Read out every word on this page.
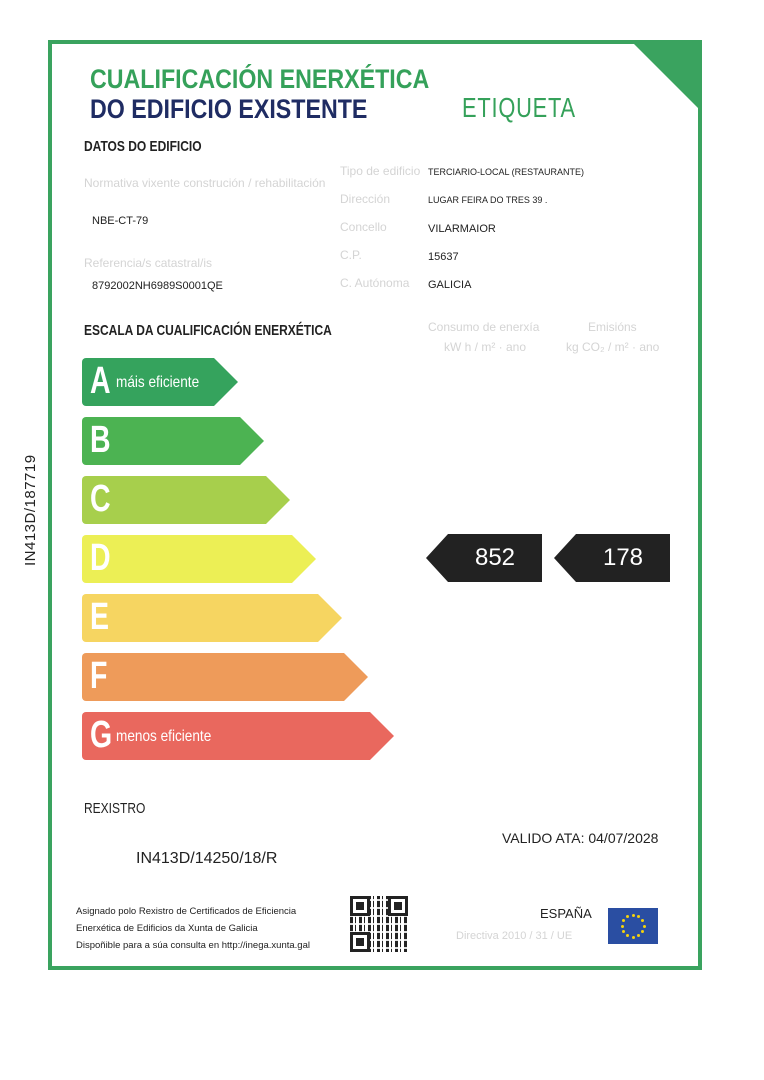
IN413D/187719
CUALIFICACIÓN ENERXÉTICA
DO EDIFICIO EXISTENTE	ETIQUETA
DATOS DO EDIFICIO
Normativa vixente construción / rehabilitación
NBE-CT-79
Referencia/s catastral/is
8792002NH6989S0001QE
Tipo de edificio TERCIARIO-LOCAL (RESTAURANTE)
Dirección	LUGAR FEIRA DO TRES 39 .
Concello	VILARMAIOR
C.P.	15637
C. Autónoma GALICIA
ESCALA DA CUALIFICACIÓN ENERXÉTICA	Consumo de enerxía
kW h / m² · ano
Emisións
kg CO₂ / m² · ano
A máis eficiente
B
C
D
E
F
G menos eficiente
852	178
REXISTRO
IN413D/14250/18/R
VALIDO ATA: 04/07/2028
Asignado polo Rexistro de Certificados de Eficiencia
Enerxética de Edificios da Xunta de Galicia
Dispoñible para a súa consulta en http://inega.xunta.gal
ESPAÑA
Directiva 2010 / 31 / UE
